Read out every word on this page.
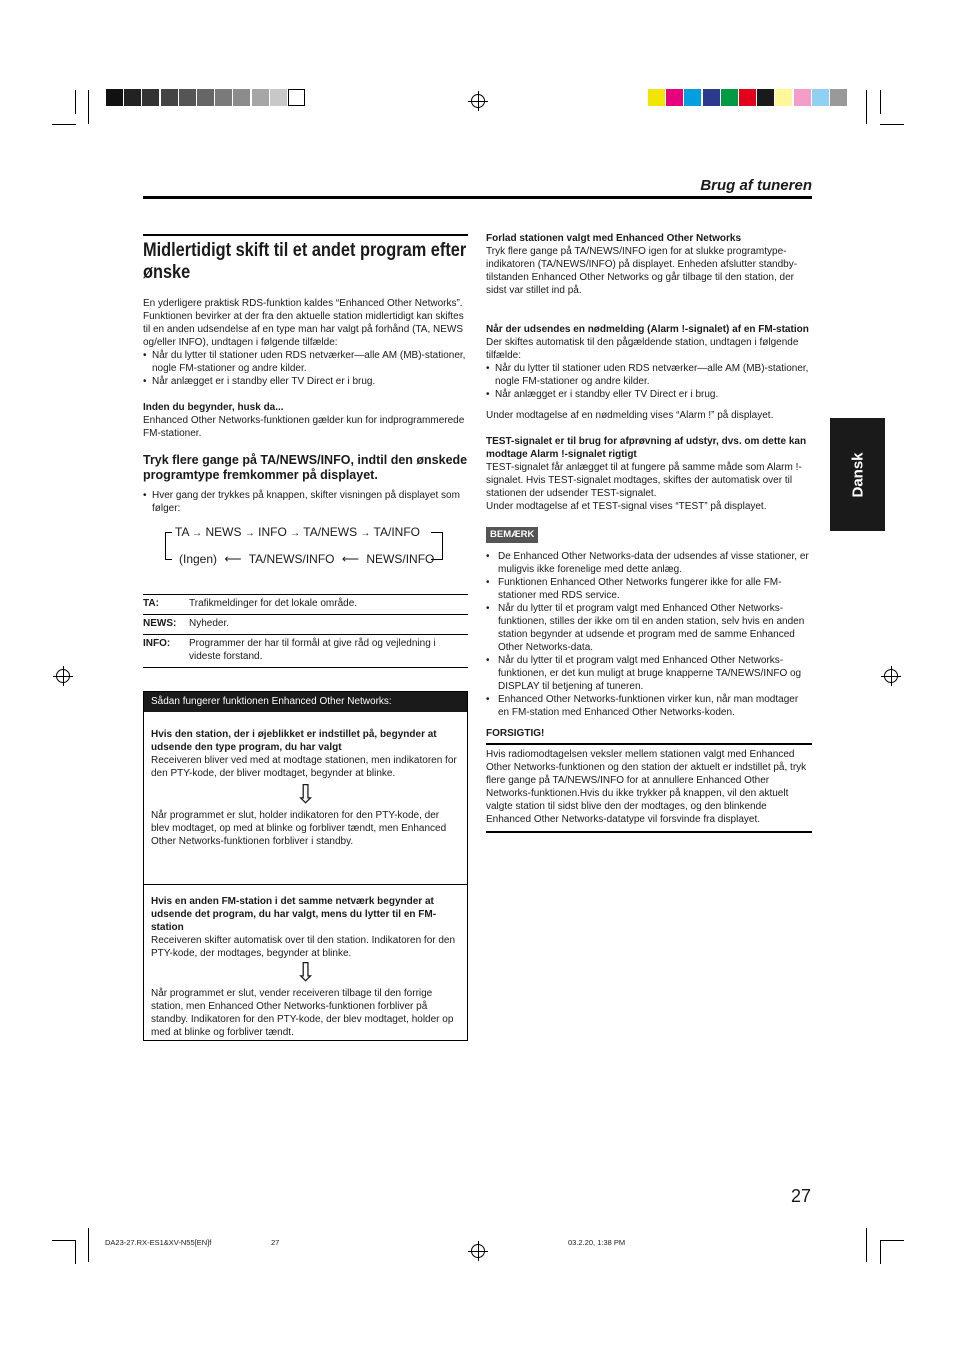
Brug af tuneren
Dansk
Midlertidigt skift til et andet program efter ønske

En yderligere praktisk RDS-funktion kaldes “Enhanced Other Networks”.

Funktionen bevirker at der fra den aktuelle station midlertidigt kan skiftes til en anden udsendelse af en type man har valgt på forhånd (TA, NEWS og/eller INFO), undtagen i følgende tilfælde:

• Når du lytter til stationer uden RDS netværker—alle AM (MB)-stationer, nogle FM-stationer og andre kilder.

• Når anlægget er i standby eller TV Direct er i brug.

Inden du begynder, husk da...

Enhanced Other Networks-funktionen gælder kun for indprogrammerede FM-stationer.

Tryk flere gange på TA/NEWS/INFO, indtil den ønskede programtype fremkommer på displayet.

• Hver gang der trykkes på knappen, skifter visningen på displayet som følger:

TA → NEWS → INFO → TA/NEWS → TA/INFO
(Ingen) ⟵ TA/NEWS/INFO ⟵ NEWS/INFO
TA:	Trafikmeldinger for det lokale område.
NEWS:	Nyheder.
INFO:	Programmer der har til formål at give råd og vejledning i videste forstand.
Sådan fungerer funktionen Enhanced Other Networks:

Hvis den station, der i øjeblikket er indstillet på, begynder at udsende den type program, du har valgt

Receiveren bliver ved med at modtage stationen, men indikatoren for den PTY-kode, der bliver modtaget, begynder at blinke.

⇩

Når programmet er slut, holder indikatoren for den PTY-kode, der blev modtaget, op med at blinke og forbliver tændt, men Enhanced Other Networks-funktionen forbliver i standby.

Hvis en anden FM-station i det samme netværk begynder at udsende det program, du har valgt, mens du lytter til en FM-station

Receiveren skifter automatisk over til den station. Indikatoren for den PTY-kode, der modtages, begynder at blinke.

⇩

Når programmet er slut, vender receiveren tilbage til den forrige station, men Enhanced Other Networks-funktionen forbliver på standby. Indikatoren for den PTY-kode, der blev modtaget, holder op med at blinke og forbliver tændt.

Forlad stationen valgt med Enhanced Other Networks

Tryk flere gange på TA/NEWS/INFO igen for at slukke programtype-indikatoren (TA/NEWS/INFO) på displayet. Enheden afslutter standby-tilstanden Enhanced Other Networks og går tilbage til den station, der sidst var stillet ind på.

Når der udsendes en nødmelding (Alarm !-signalet) af en FM-station

Der skiftes automatisk til den pågældende station, undtagen i følgende tilfælde:

• Når du lytter til stationer uden RDS netværker—alle AM (MB)-stationer, nogle FM-stationer og andre kilder.

• Når anlægget er i standby eller TV Direct er i brug.

Under modtagelse af en nødmelding vises “Alarm !” på displayet.

TEST-signalet er til brug for afprøvning af udstyr, dvs. om dette kan modtage Alarm !-signalet rigtigt

TEST-signalet får anlægget til at fungere på samme måde som Alarm !-signalet. Hvis TEST-signalet modtages, skiftes der automatisk over til stationen der udsender TEST-signalet.

Under modtagelse af et TEST-signal vises “TEST” på displayet.

BEMÆRK

• De Enhanced Other Networks-data der udsendes af visse stationer, er muligvis ikke forenelige med dette anlæg.

• Funktionen Enhanced Other Networks fungerer ikke for alle FM-stationer med RDS service.

• Når du lytter til et program valgt med Enhanced Other Networks-funktionen, stilles der ikke om til en anden station, selv hvis en anden station begynder at udsende et program med de samme Enhanced Other Networks-data.

• Når du lytter til et program valgt med Enhanced Other Networks-funktionen, er det kun muligt at bruge knapperne TA/NEWS/INFO og DISPLAY til betjening af tuneren.

• Enhanced Other Networks-funktionen virker kun, når man modtager en FM-station med Enhanced Other Networks-koden.

FORSIGTIG!

Hvis radiomodtagelsen veksler mellem stationen valgt med Enhanced Other Networks-funktionen og den station der aktuelt er indstillet på, tryk flere gange på TA/NEWS/INFO for at annullere Enhanced Other Networks-funktionen.Hvis du ikke trykker på knappen, vil den aktuelt valgte station til sidst blive den der modtages, og den blinkende Enhanced Other Networks-datatype vil forsvinde fra displayet.

27
DA23-27.RX-ES1&XV-N55[EN]f	27	03.2.20, 1:38 PM
